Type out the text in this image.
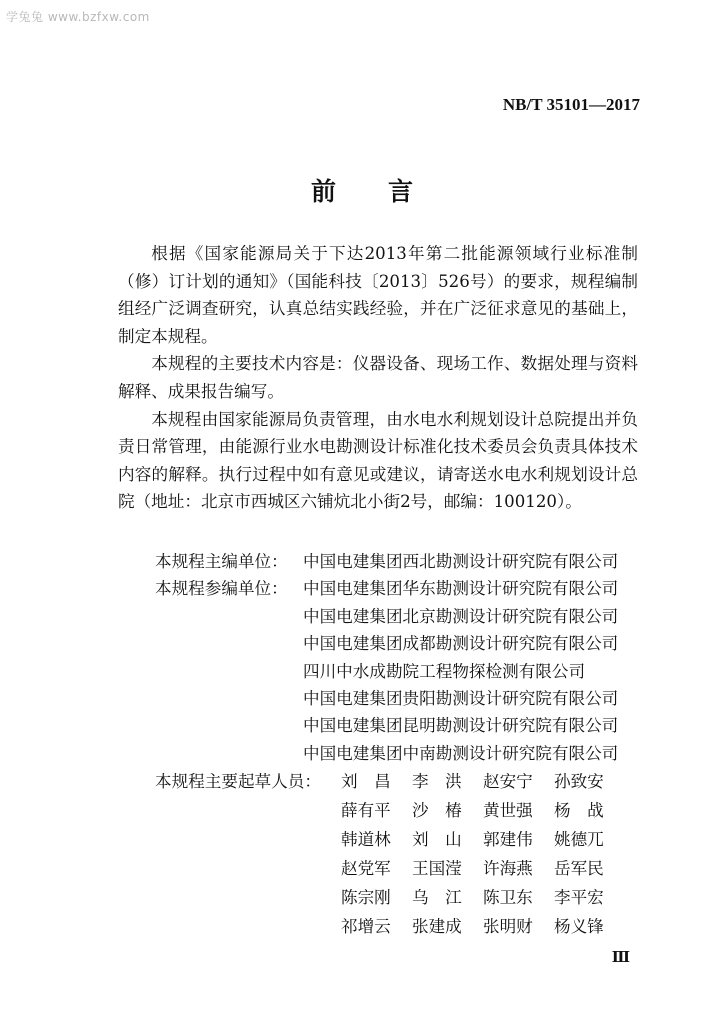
学兔兔 www.bzfxw.com
NB/T 35101—2017
前言

根据《国家能源局关于下达2013年第二批能源领域行业标准制（修）订计划的通知》（国能科技〔2013〕526号）的要求，规程编制组经广泛调查研究，认真总结实践经验，并在广泛征求意见的基础上，制定本规程。

本规程的主要技术内容是：仪器设备、现场工作、数据处理与资料解释、成果报告编写。

本规程由国家能源局负责管理，由水电水利规划设计总院提出并负责日常管理，由能源行业水电勘测设计标准化技术委员会负责具体技术内容的解释。执行过程中如有意见或建议，请寄送水电水利规划设计总院（地址：北京市西城区六铺炕北小街2号，邮编：100120）。

本规程主编单位： 中国电建集团西北勘测设计研究院有限公司
本规程参编单位： 中国电建集团华东勘测设计研究院有限公司
中国电建集团北京勘测设计研究院有限公司
中国电建集团成都勘测设计研究院有限公司
四川中水成勘院工程物探检测有限公司
中国电建集团贵阳勘测设计研究院有限公司
中国电建集团昆明勘测设计研究院有限公司
中国电建集团中南勘测设计研究院有限公司
本规程主要起草人员： 刘　昌 李　洪 赵安宁 孙致安
薛有平 沙　椿 黄世强 杨　战
韩道林 刘　山 郭建伟 姚德兀
赵党军 王国滢 许海燕 岳军民
陈宗刚 乌　江 陈卫东 李平宏
祁增云 张建成 张明财 杨义锋
Ⅲ
